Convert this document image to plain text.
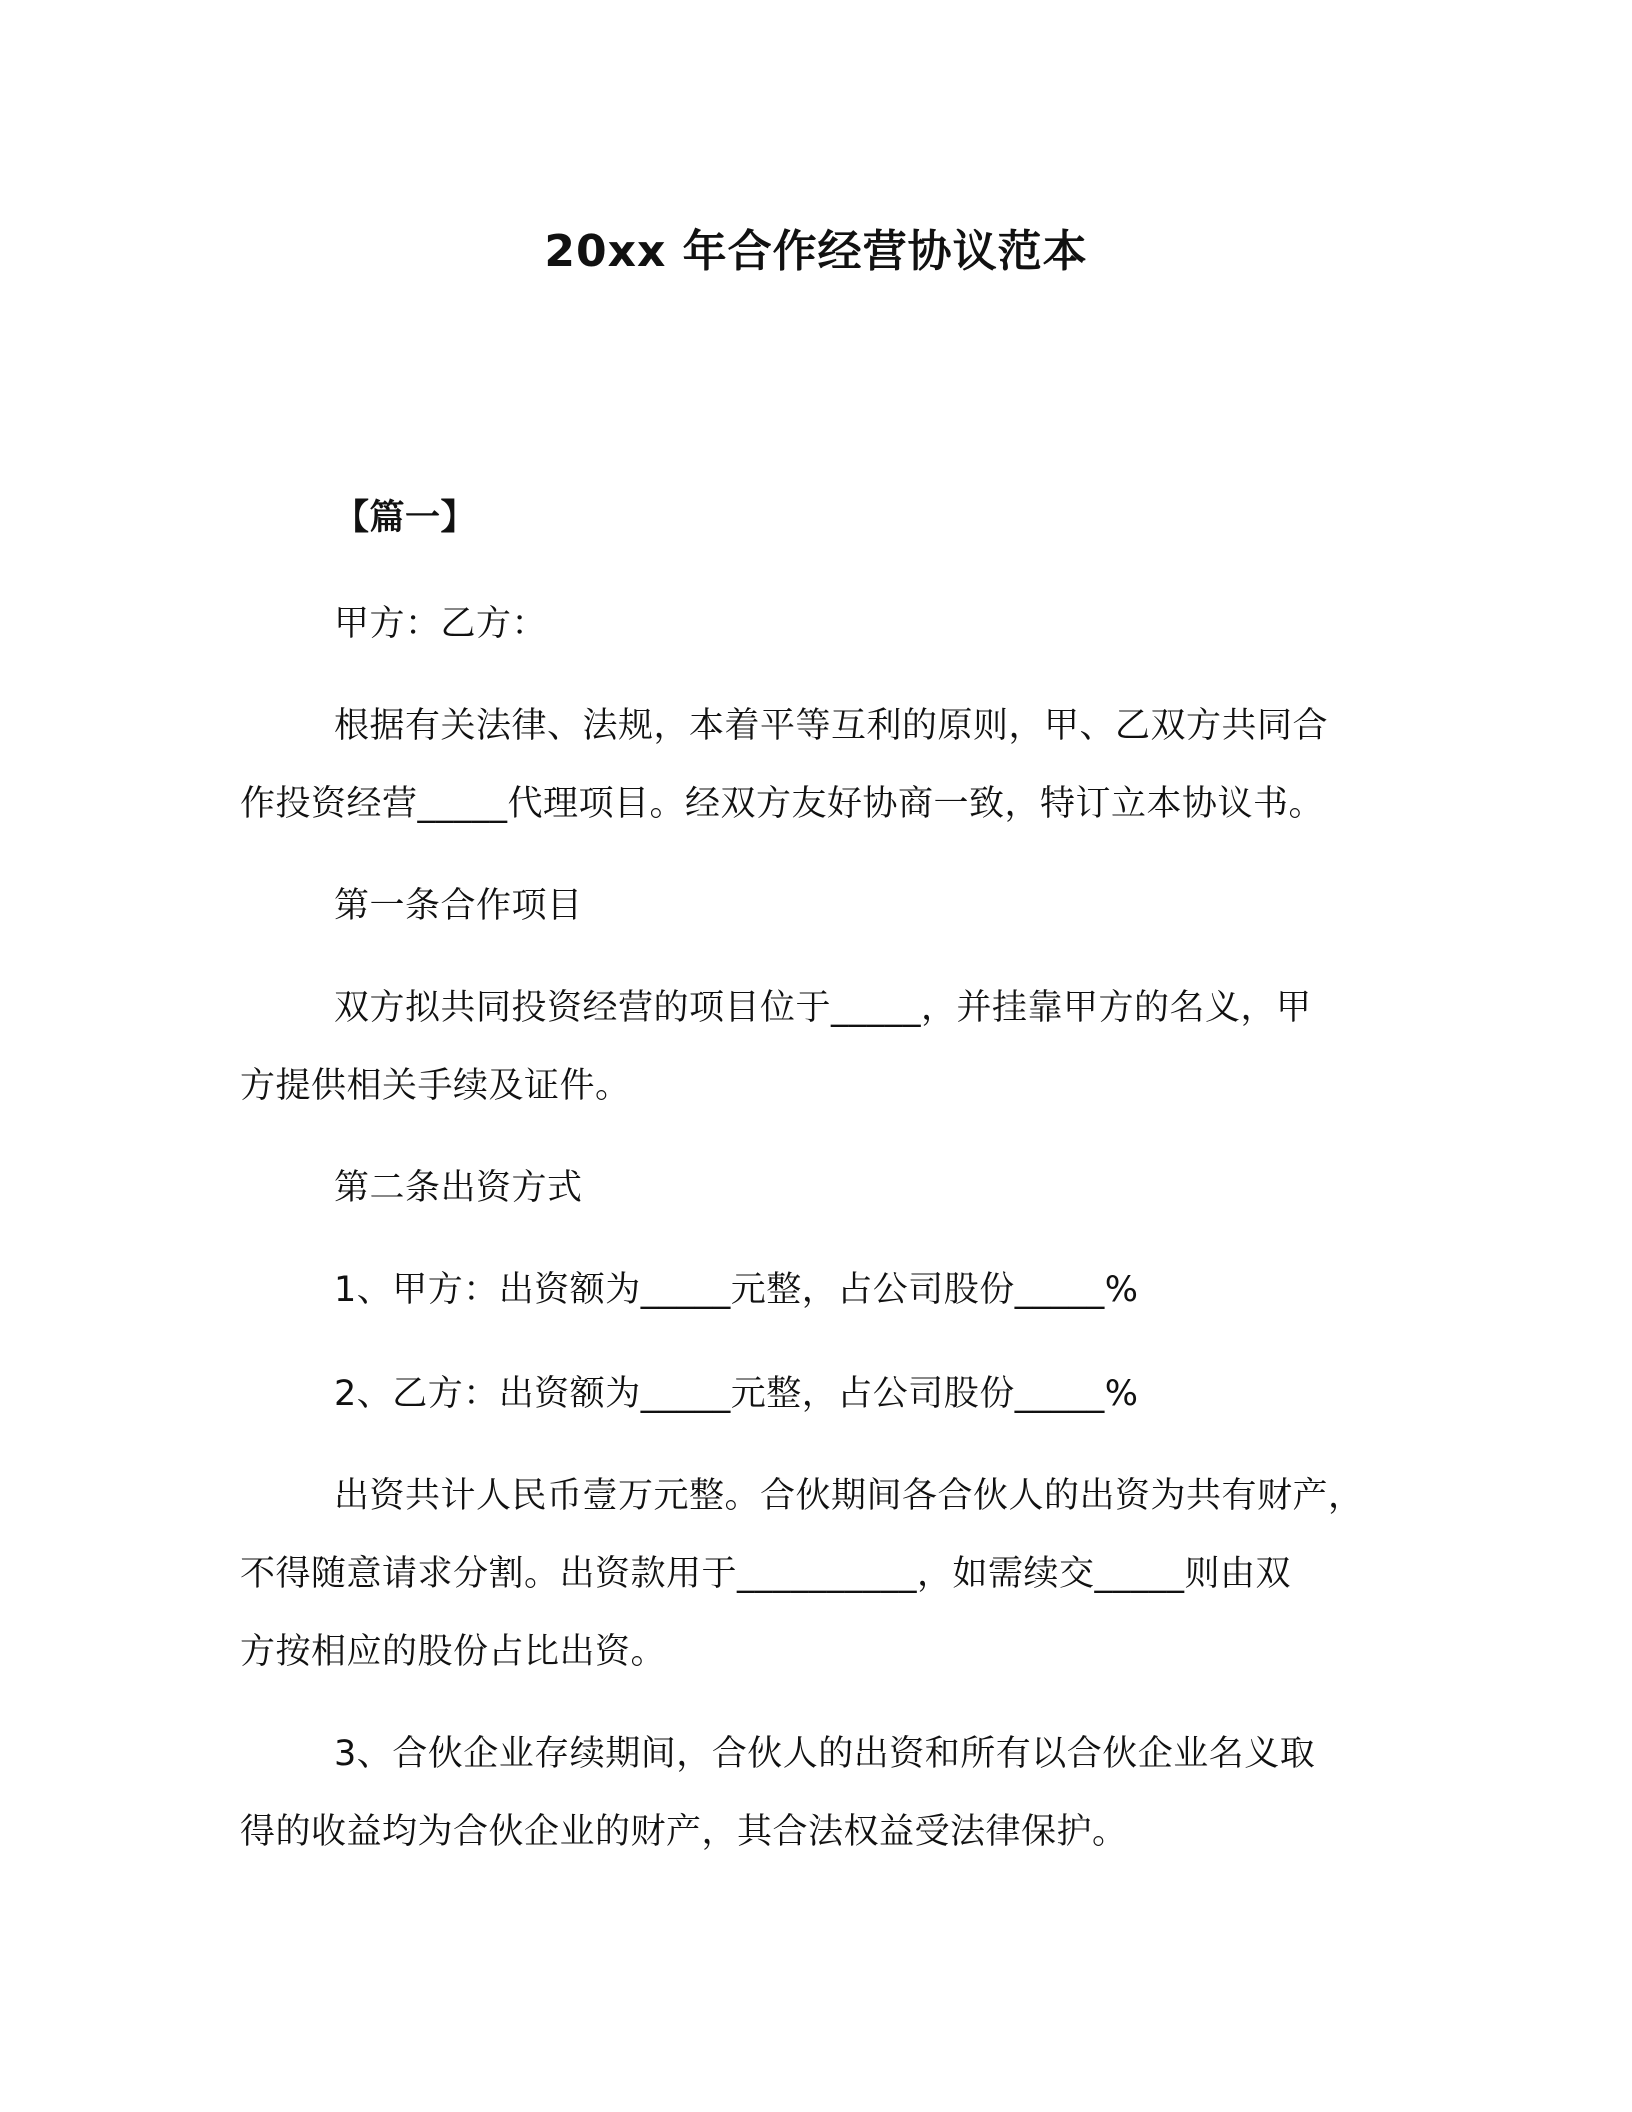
20xx 年合作经营协议范本
【篇一】
甲方：乙方：
根据有关法律、法规，本着平等互利的原则，甲、乙双方共同合
作投资经营_____代理项目。经双方友好协商一致，特订立本协议书。
第一条合作项目
双方拟共同投资经营的项目位于_____，并挂靠甲方的名义，甲
方提供相关手续及证件。
第二条出资方式
1、甲方：出资额为_____元整，占公司股份_____%
2、乙方：出资额为_____元整，占公司股份_____%
出资共计人民币壹万元整。合伙期间各合伙人的出资为共有财产，
不得随意请求分割。出资款用于__________，如需续交_____则由双
方按相应的股份占比出资。
3、合伙企业存续期间，合伙人的出资和所有以合伙企业名义取
得的收益均为合伙企业的财产，其合法权益受法律保护。
